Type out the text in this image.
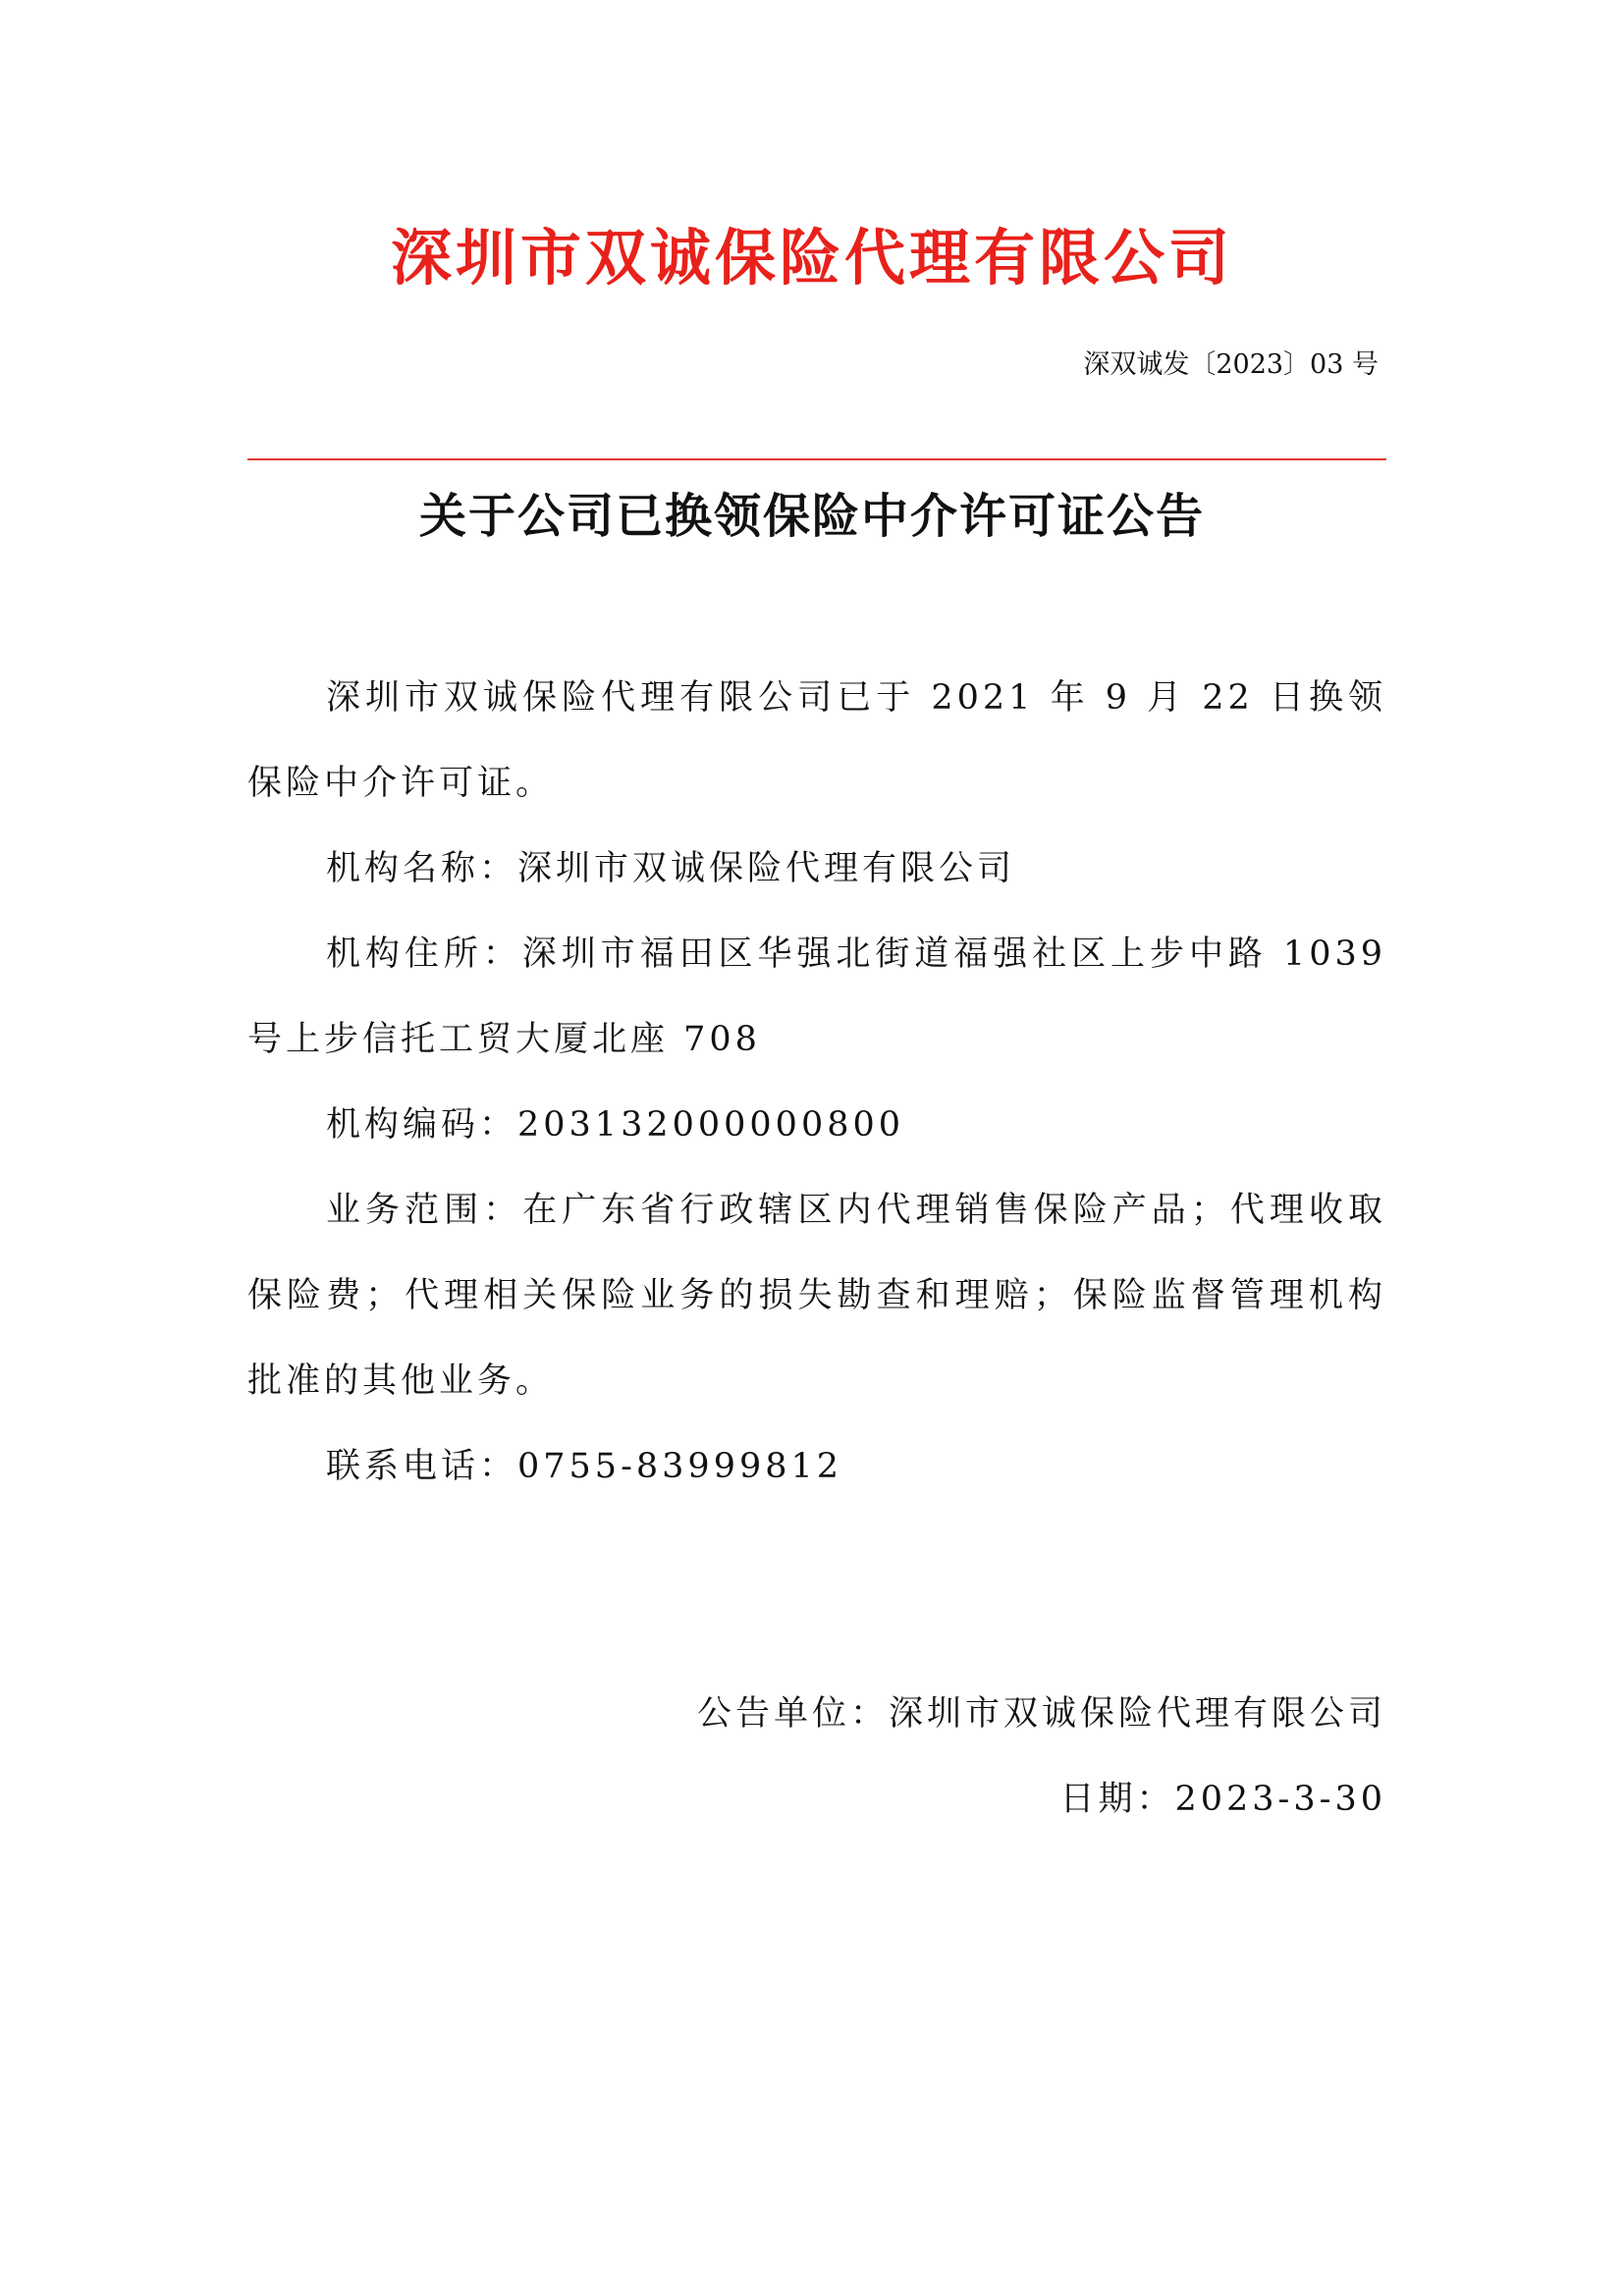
深圳市双诚保险代理有限公司
深双诚发〔2023〕03 号
关于公司已换领保险中介许可证公告

深圳市双诚保险代理有限公司已于 2021 年 9 月 22 日换领保险中介许可证。

机构名称：深圳市双诚保险代理有限公司

机构住所：深圳市福田区华强北街道福强社区上步中路 1039 号上步信托工贸大厦北座 708

机构编码：203132000000800

业务范围：在广东省行政辖区内代理销售保险产品；代理收取保险费；代理相关保险业务的损失勘查和理赔；保险监督管理机构批准的其他业务。

联系电话：0755-83999812

公告单位：深圳市双诚保险代理有限公司
日期：2023-3-30
